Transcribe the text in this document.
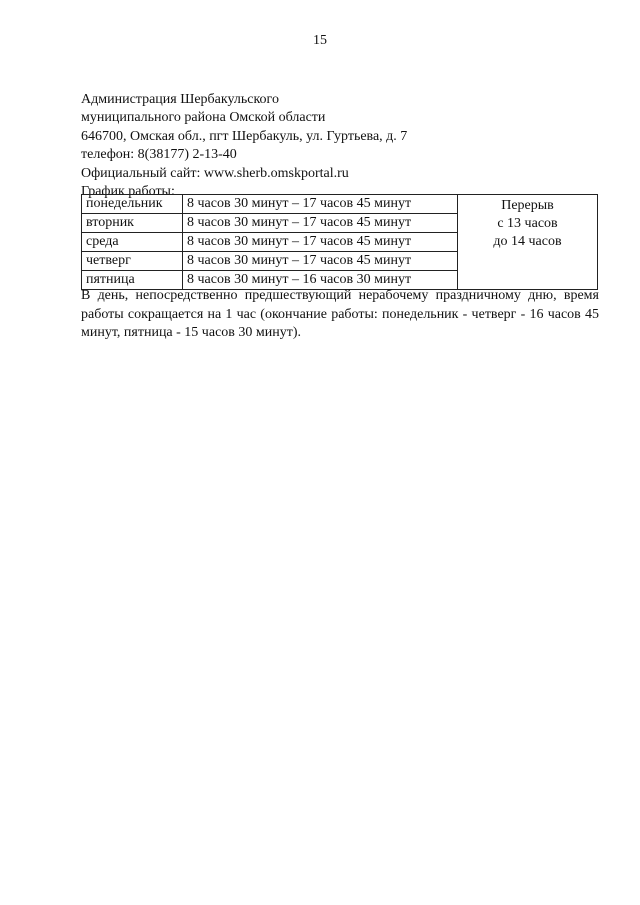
15
Администрация Шербакульского
муниципального района Омской области
646700, Омская обл., пгт Шербакуль, ул. Гуртьева, д. 7
телефон: 8(38177) 2-13-40
Официальный сайт: www.sherb.omskportal.ru
График работы:
понедельник	8 часов 30 минут – 17 часов 45 минут	Перерыв
с 13 часов
до 14 часов

вторник	8 часов 30 минут – 17 часов 45 минут	
среда	8 часов 30 минут – 17 часов 45 минут	
четверг	8 часов 30 минут – 17 часов 45 минут	
пятница	8 часов 30 минут – 16 часов 30 минут	
В день, непосредственно предшествующий нерабочему праздничному дню, время работы сокращается на 1 час (окончание работы: понедельник - четверг - 16 часов 45 минут, пятница - 15 часов 30 минут).
